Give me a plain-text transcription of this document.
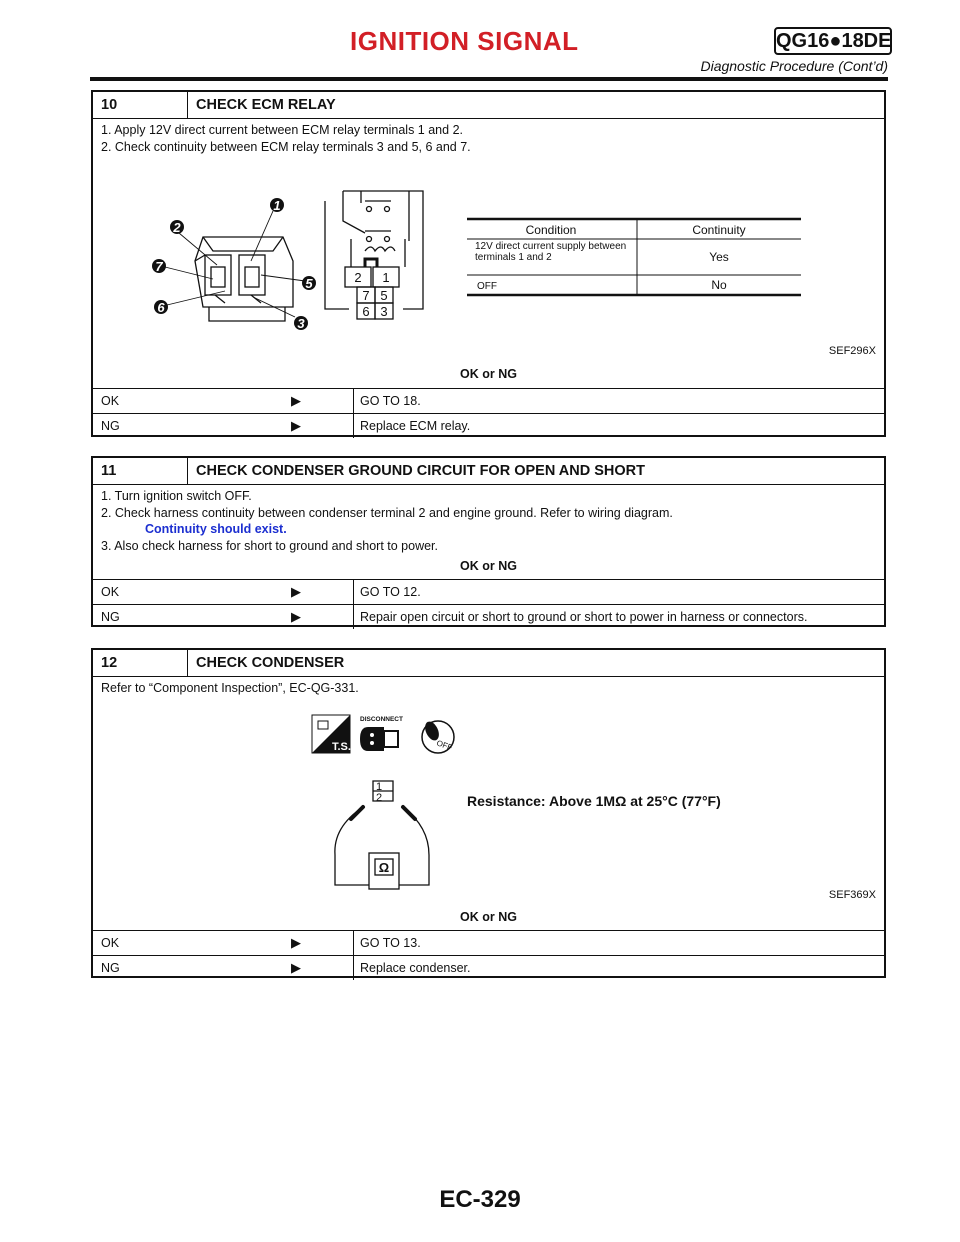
IGNITION SIGNAL	QG16●18DE
Diagnostic Procedure (Cont’d)
10	CHECK ECM RELAY
1. Apply 12V direct current between ECM relay terminals 1 and 2.
2. Check continuity between ECM relay terminals 3 and 5, 6 and 7.
1
2
7
5
6
3
2 1
7 5
6 3
Condition	Continuity
12V direct current supply between terminals 1 and 2	Yes
OFF	No
SEF296X
OK or NG
OK	▶	GO TO 18.
NG	▶	Replace ECM relay.
11	CHECK CONDENSER GROUND CIRCUIT FOR OPEN AND SHORT
1. Turn ignition switch OFF.
2. Check harness continuity between condenser terminal 2 and engine ground. Refer to wiring diagram.
Continuity should exist.
3. Also check harness for short to ground and short to power.
OK or NG
OK	▶	GO TO 12.
NG	▶	Repair open circuit or short to ground or short to power in harness or connectors.
12	CHECK CONDENSER
Refer to “Component Inspection”, EC-QG-331.
T.S.
DISCONNECT
OFF
1
2
Ω
Resistance: Above 1MΩ at 25°C (77°F)
SEF369X
OK or NG
OK	▶	GO TO 13.
NG	▶	Replace condenser.
EC-329
